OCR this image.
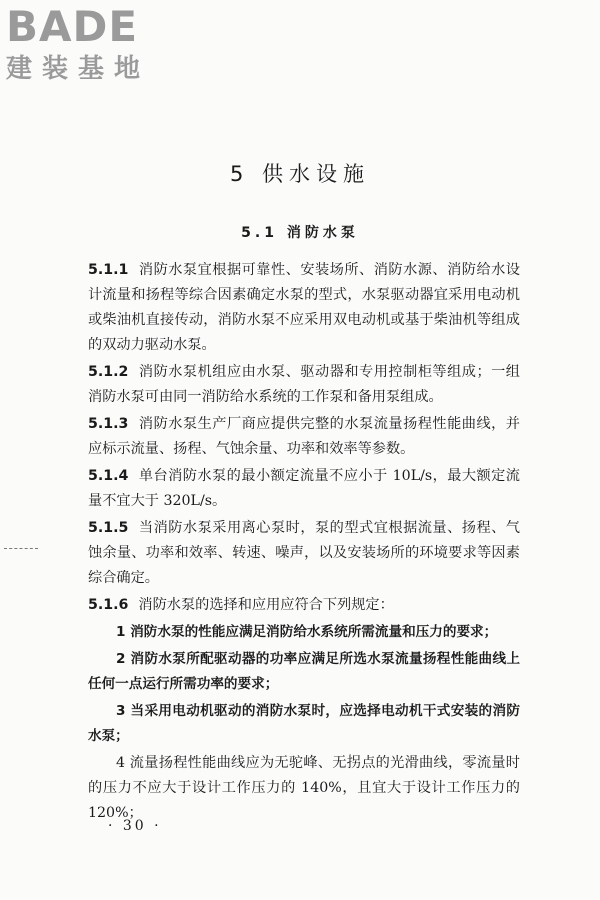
BADE
建装基地
5 供水设施
5.1 消防水泵
5.1.1 消防水泵宜根据可靠性、安装场所、消防水源、消防给水设计流量和扬程等综合因素确定水泵的型式，水泵驱动器宜采用电动机或柴油机直接传动，消防水泵不应采用双电动机或基于柴油机等组成的双动力驱动水泵。
5.1.2 消防水泵机组应由水泵、驱动器和专用控制柜等组成；一组消防水泵可由同一消防给水系统的工作泵和备用泵组成。
5.1.3 消防水泵生产厂商应提供完整的水泵流量扬程性能曲线，并应标示流量、扬程、气蚀余量、功率和效率等参数。
5.1.4 单台消防水泵的最小额定流量不应小于 10L/s，最大额定流量不宜大于 320L/s。
5.1.5 当消防水泵采用离心泵时，泵的型式宜根据流量、扬程、气蚀余量、功率和效率、转速、噪声，以及安装场所的环境要求等因素综合确定。
5.1.6 消防水泵的选择和应用应符合下列规定：
1 消防水泵的性能应满足消防给水系统所需流量和压力的要求；
2 消防水泵所配驱动器的功率应满足所选水泵流量扬程性能曲线上任何一点运行所需功率的要求；
3 当采用电动机驱动的消防水泵时，应选择电动机干式安装的消防水泵；
4 流量扬程性能曲线应为无驼峰、无拐点的光滑曲线，零流量时的压力不应大于设计工作压力的 140%，且宜大于设计工作压力的 120%；
· 30 ·
